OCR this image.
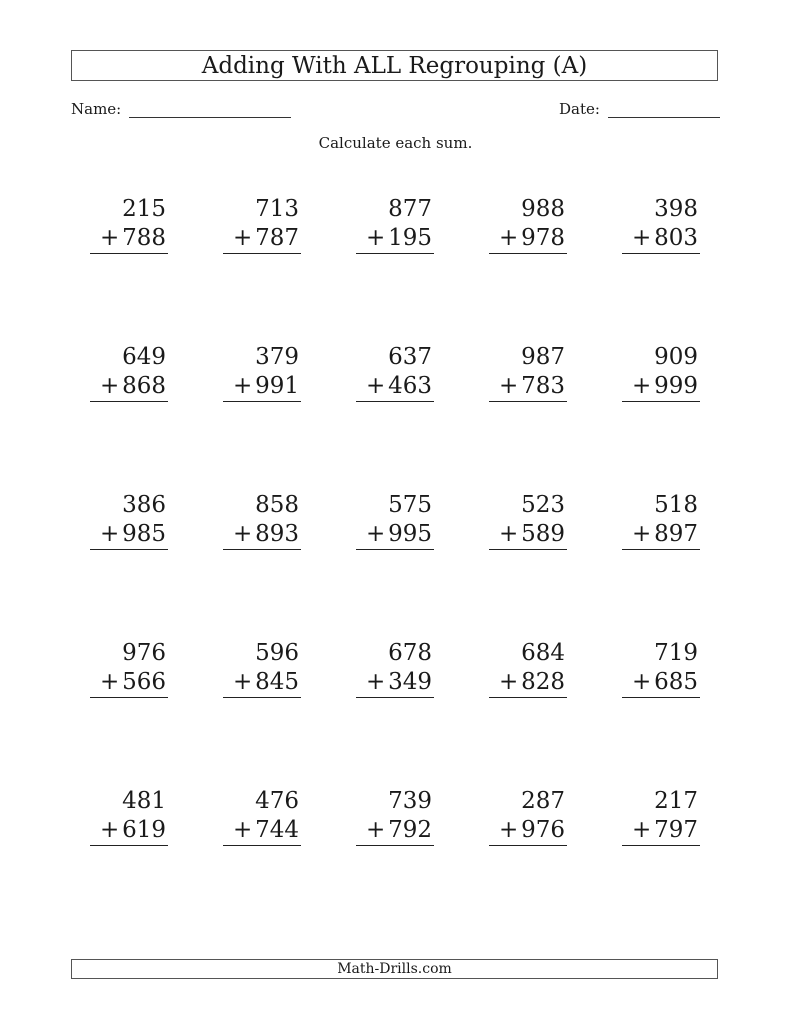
Adding With ALL Regrouping (A)
Name:	Date:
Calculate each sum.
215
+ 788
713
+ 787
877
+ 195
988
+ 978
398
+ 803
649
+ 868
379
+ 991
637
+ 463
987
+ 783
909
+ 999
386
+ 985
858
+ 893
575
+ 995
523
+ 589
518
+ 897
976
+ 566
596
+ 845
678
+ 349
684
+ 828
719
+ 685
481
+ 619
476
+ 744
739
+ 792
287
+ 976
217
+ 797
Math-Drills.com
